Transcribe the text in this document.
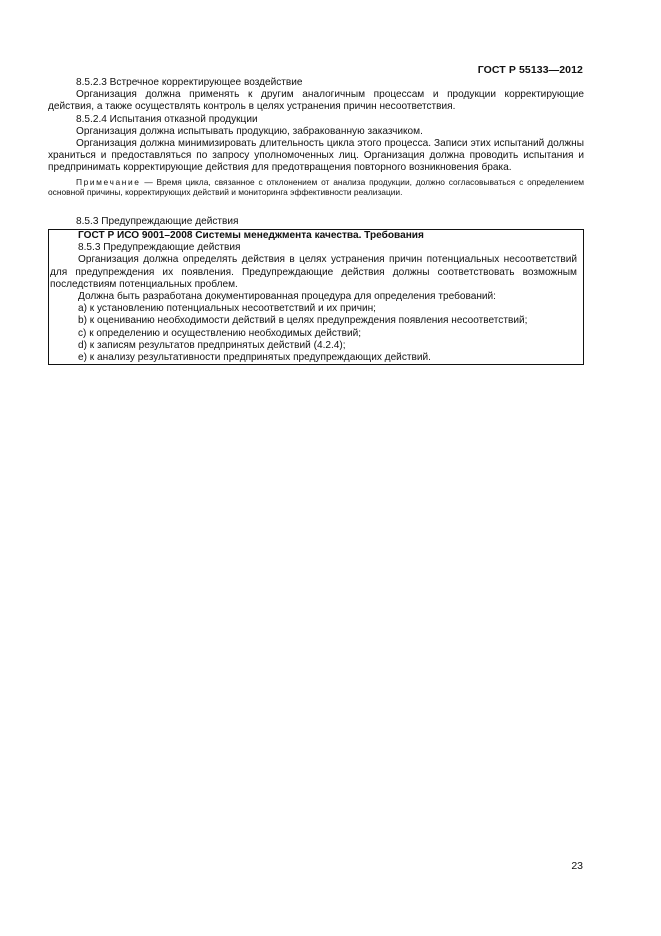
ГОСТ Р 55133—2012

8.5.2.3 Встречное корректирующее воздействие

Организация должна применять к другим аналогичным процессам и продукции корректирующие

действия, а также осуществлять контроль в целях устранения причин несоответствия.

8.5.2.4 Испытания отказной продукции

Организация должна испытывать продукцию, забракованную заказчиком.

Организация должна минимизировать длительность цикла этого процесса. Записи этих испытаний должны храниться и предоставляться по запросу уполномоченных лиц. Организация должна проводить испытания и предпринимать корректирующие действия для предотвращения повторного возникновения брака.

Примечание — Время цикла, связанное с отклонением от анализа продукции, должно согласовываться с определением основной причины, корректирующих действий и мониторинга эффективности реализации.

8.5.3 Предупреждающие действия

ГОСТ Р ИСО 9001–2008 Системы менеджмента качества. Требования

8.5.3 Предупреждающие действия

Организация должна определять действия в целях устранения причин потенциальных несоответствий для предупреждения их появления. Предупреждающие действия должны соответствовать возможным последствиям потенциальных проблем.

Должна быть разработана документированная процедура для определения требований:

а) к установлению потенциальных несоответствий и их причин;

b) к оцениванию необходимости действий в целях предупреждения появления несоответствий;

c) к определению и осуществлению необходимых действий;

d) к записям результатов предпринятых действий (4.2.4);

е) к анализу результативности предпринятых предупреждающих действий.

23
